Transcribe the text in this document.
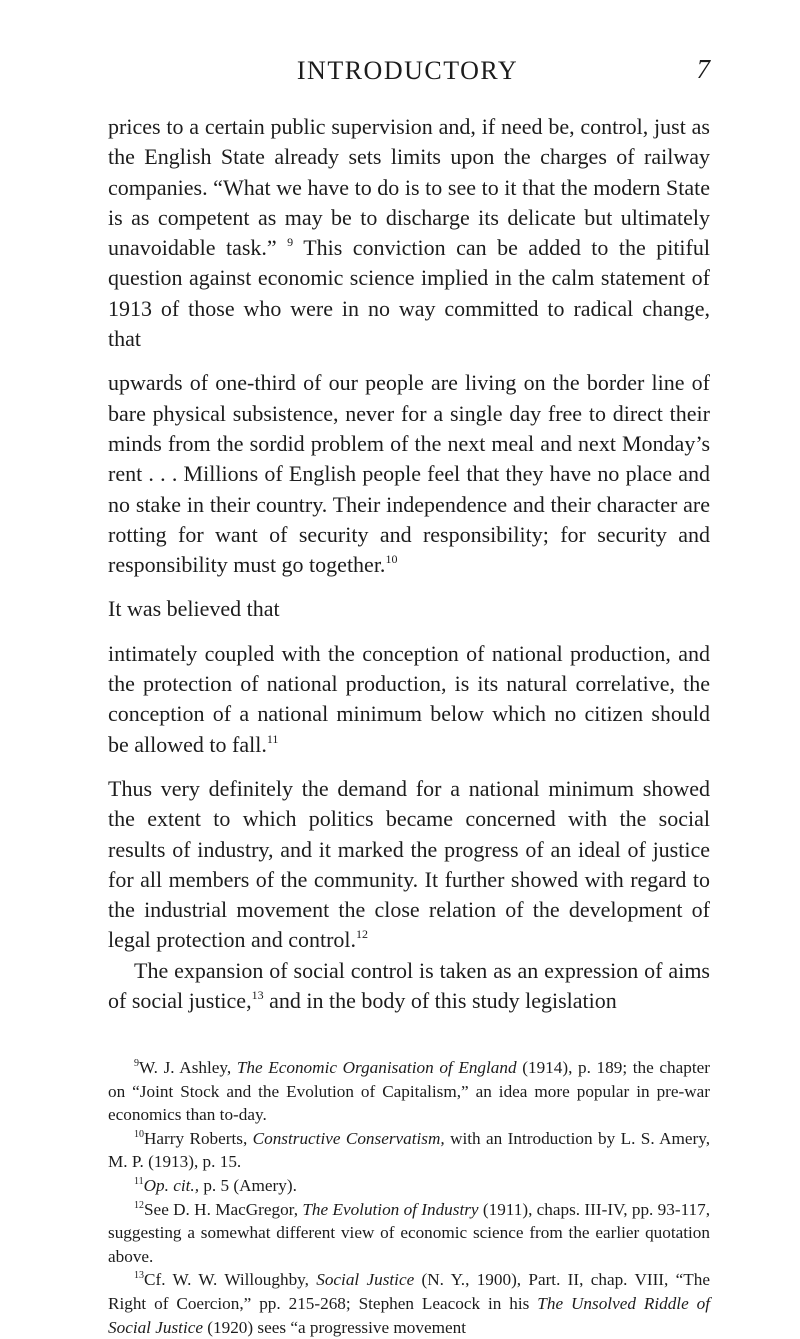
INTRODUCTORY	7

prices to a certain public supervision and, if need be, control, just as the English State already sets limits upon the charges of railway companies. “What we have to do is to see to it that the modern State is as competent as may be to discharge its delicate but ultimately unavoidable task.” $^9$ This conviction can be added to the pitiful question against economic science implied in the calm statement of 1913 of those who were in no way committed to radical change, that

upwards of one-third of our people are living on the border line of bare physical subsistence, never for a single day free to direct their minds from the sordid problem of the next meal and next Monday’s rent . . . Millions of English people feel that they have no place and no stake in their country. Their independence and their character are rotting for want of security and responsibility; for security and responsibility must go together.$^{10}$

It was believed that

intimately coupled with the conception of national production, and the protection of national production, is its natural correlative, the conception of a national minimum below which no citizen should be allowed to fall.$^{11}$

Thus very definitely the demand for a national minimum showed the extent to which politics became concerned with the social results of industry, and it marked the progress of an ideal of justice for all members of the community. It further showed with regard to the industrial movement the close relation of the development of legal protection and control.$^{12}$

The expansion of social control is taken as an expression of aims of social justice,$^{13}$ and in the body of this study legislation

$^9$W. J. Ashley, The Economic Organisation of England (1914), p. 189; the chapter on “Joint Stock and the Evolution of Capitalism,” an idea more popular in pre-war economics than to-day.

$^{10}$Harry Roberts, Constructive Conservatism, with an Introduction by L. S. Amery, M. P. (1913), p. 15.

$^{11}$Op. cit., p. 5 (Amery).

$^{12}$See D. H. MacGregor, The Evolution of Industry (1911), chaps. III-IV, pp. 93-117, suggesting a somewhat different view of economic science from the earlier quotation above.

$^{13}$Cf. W. W. Willoughby, Social Justice (N. Y., 1900), Part. II, chap. VIII, “The Right of Coercion,” pp. 215-268; Stephen Leacock in his The Unsolved Riddle of Social Justice (1920) sees “a progressive movement
